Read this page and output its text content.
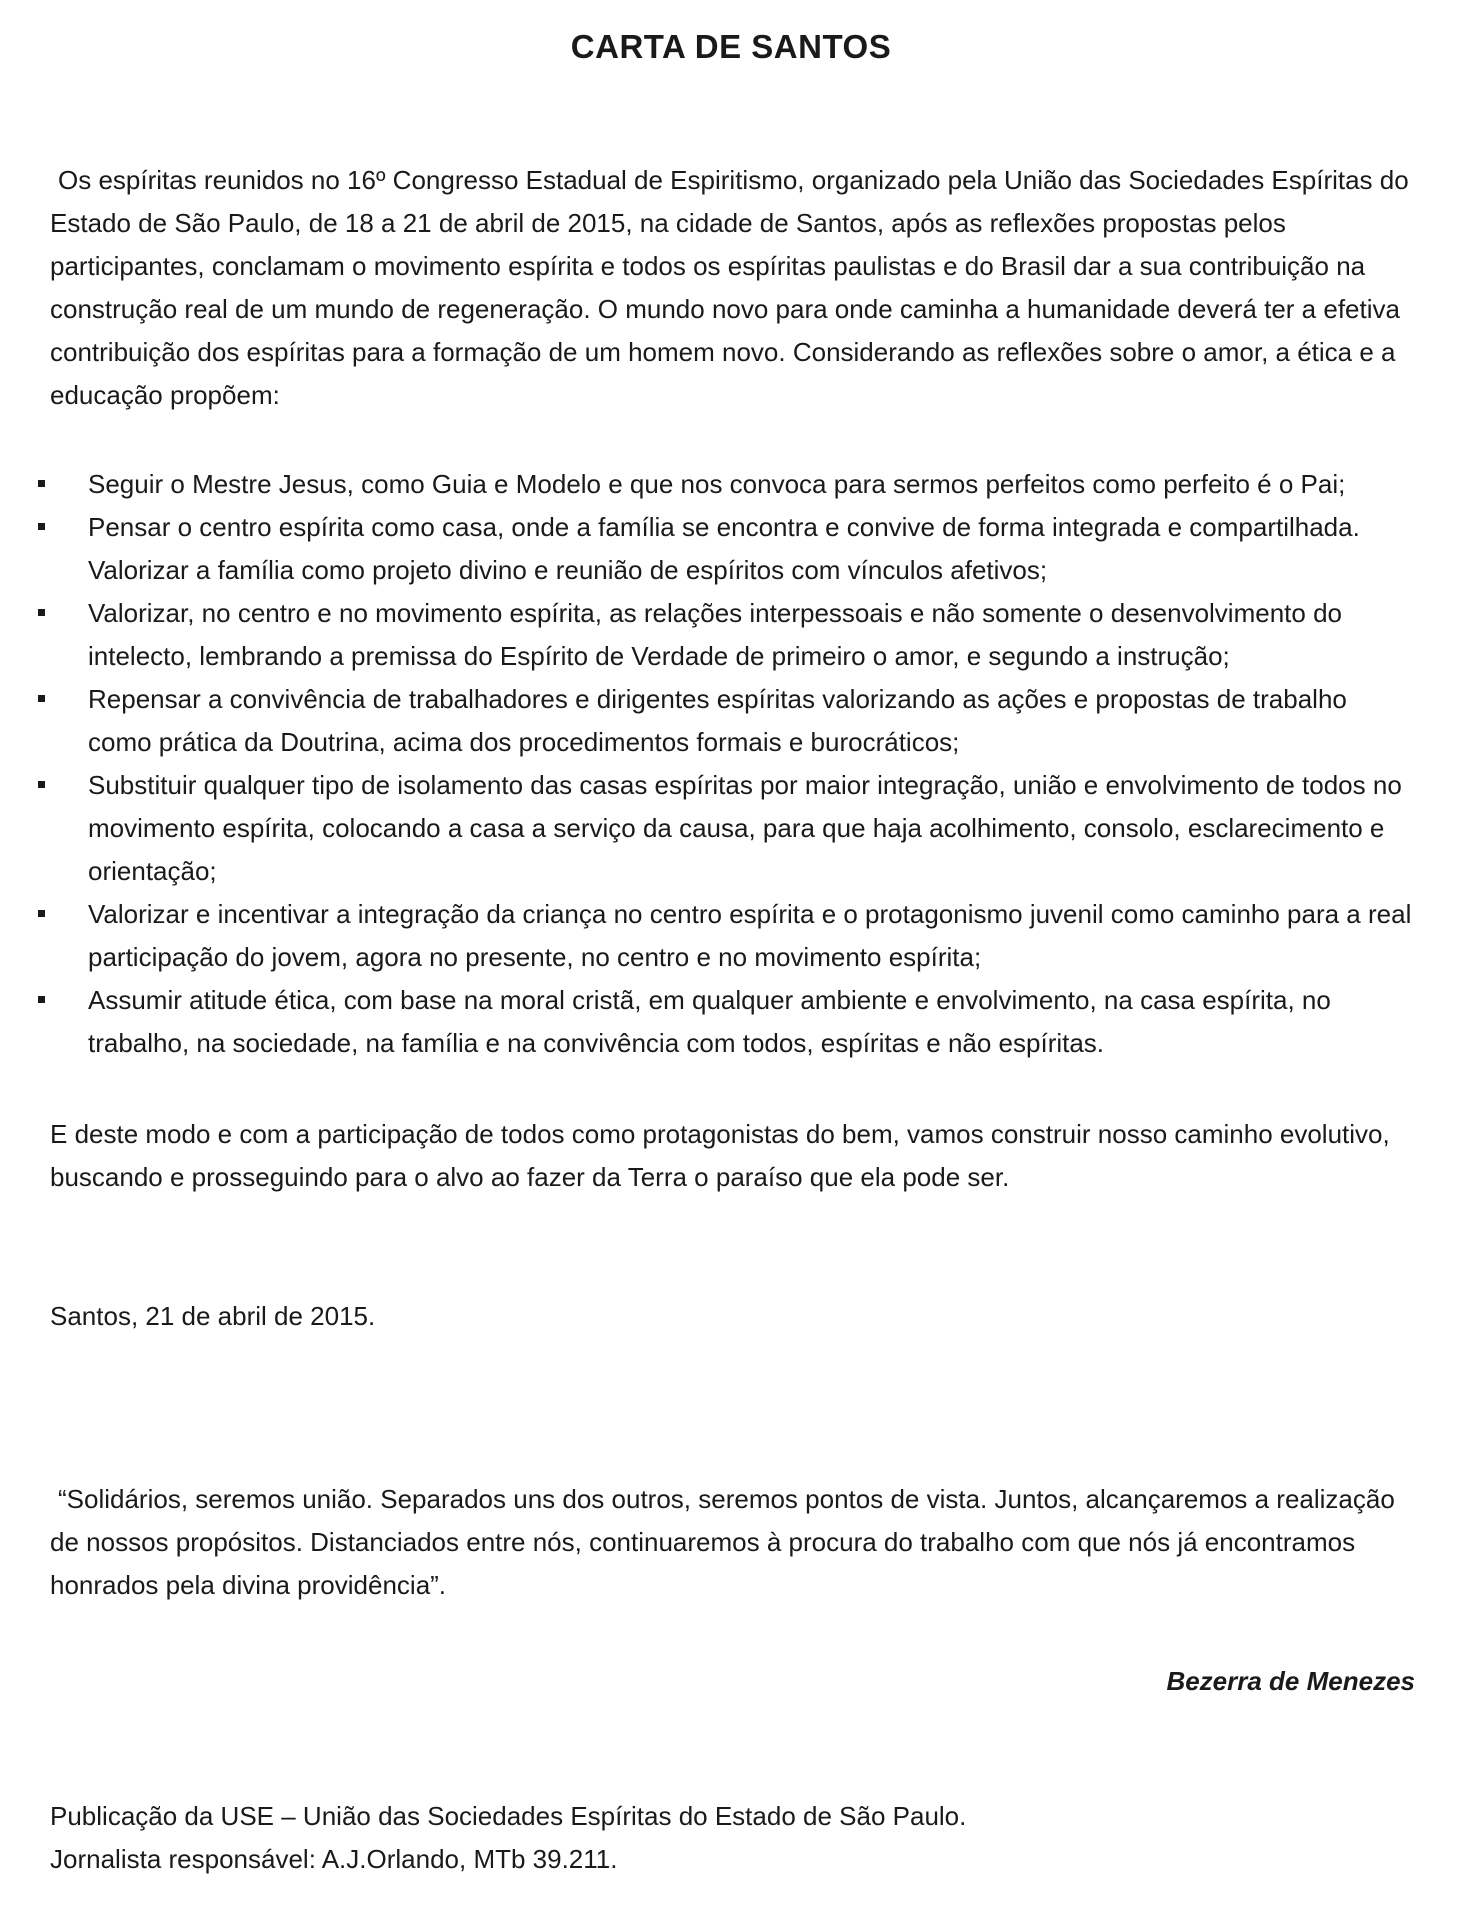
CARTA DE SANTOS

Os espíritas reunidos no 16º Congresso Estadual de Espiritismo, organizado pela União das Sociedades Espíritas do Estado de São Paulo, de 18 a 21 de abril de 2015, na cidade de Santos, após as reflexões propostas pelos participantes, conclamam o movimento espírita e todos os espíritas paulistas e do Brasil dar a sua contribuição na construção real de um mundo de regeneração. O mundo novo para onde caminha a humanidade deverá ter a efetiva contribuição dos espíritas para a formação de um homem novo. Considerando as reflexões sobre o amor, a ética e a educação propõem:

Seguir o Mestre Jesus, como Guia e Modelo e que nos convoca para sermos perfeitos como perfeito é o Pai;
Pensar o centro espírita como casa, onde a família se encontra e convive de forma integrada e compartilhada. Valorizar a família como projeto divino e reunião de espíritos com vínculos afetivos;
Valorizar, no centro e no movimento espírita, as relações interpessoais e não somente o desenvolvimento do intelecto, lembrando a premissa do Espírito de Verdade de primeiro o amor, e segundo a instrução;
Repensar a convivência de trabalhadores e dirigentes espíritas valorizando as ações e propostas de trabalho como prática da Doutrina, acima dos procedimentos formais e burocráticos;
Substituir qualquer tipo de isolamento das casas espíritas por maior integração, união e envolvimento de todos no movimento espírita, colocando a casa a serviço da causa, para que haja acolhimento, consolo, esclarecimento e orientação;
Valorizar e incentivar a integração da criança no centro espírita e o protagonismo juvenil como caminho para a real participação do jovem, agora no presente, no centro e no movimento espírita;
Assumir atitude ética, com base na moral cristã, em qualquer ambiente e envolvimento, na casa espírita, no trabalho, na sociedade, na família e na convivência com todos, espíritas e não espíritas.

E deste modo e com a participação de todos como protagonistas do bem, vamos construir nosso caminho evolutivo, buscando e prosseguindo para o alvo ao fazer da Terra o paraíso que ela pode ser.

Santos, 21 de abril de 2015.

“Solidários, seremos união. Separados uns dos outros, seremos pontos de vista. Juntos, alcançaremos a realização de nossos propósitos. Distanciados entre nós, continuaremos à procura do trabalho com que nós já encontramos honrados pela divina providência”.

Bezerra de Menezes
Publicação da USE – União das Sociedades Espíritas do Estado de São Paulo.
Jornalista responsável: A.J.Orlando, MTb 39.211.
